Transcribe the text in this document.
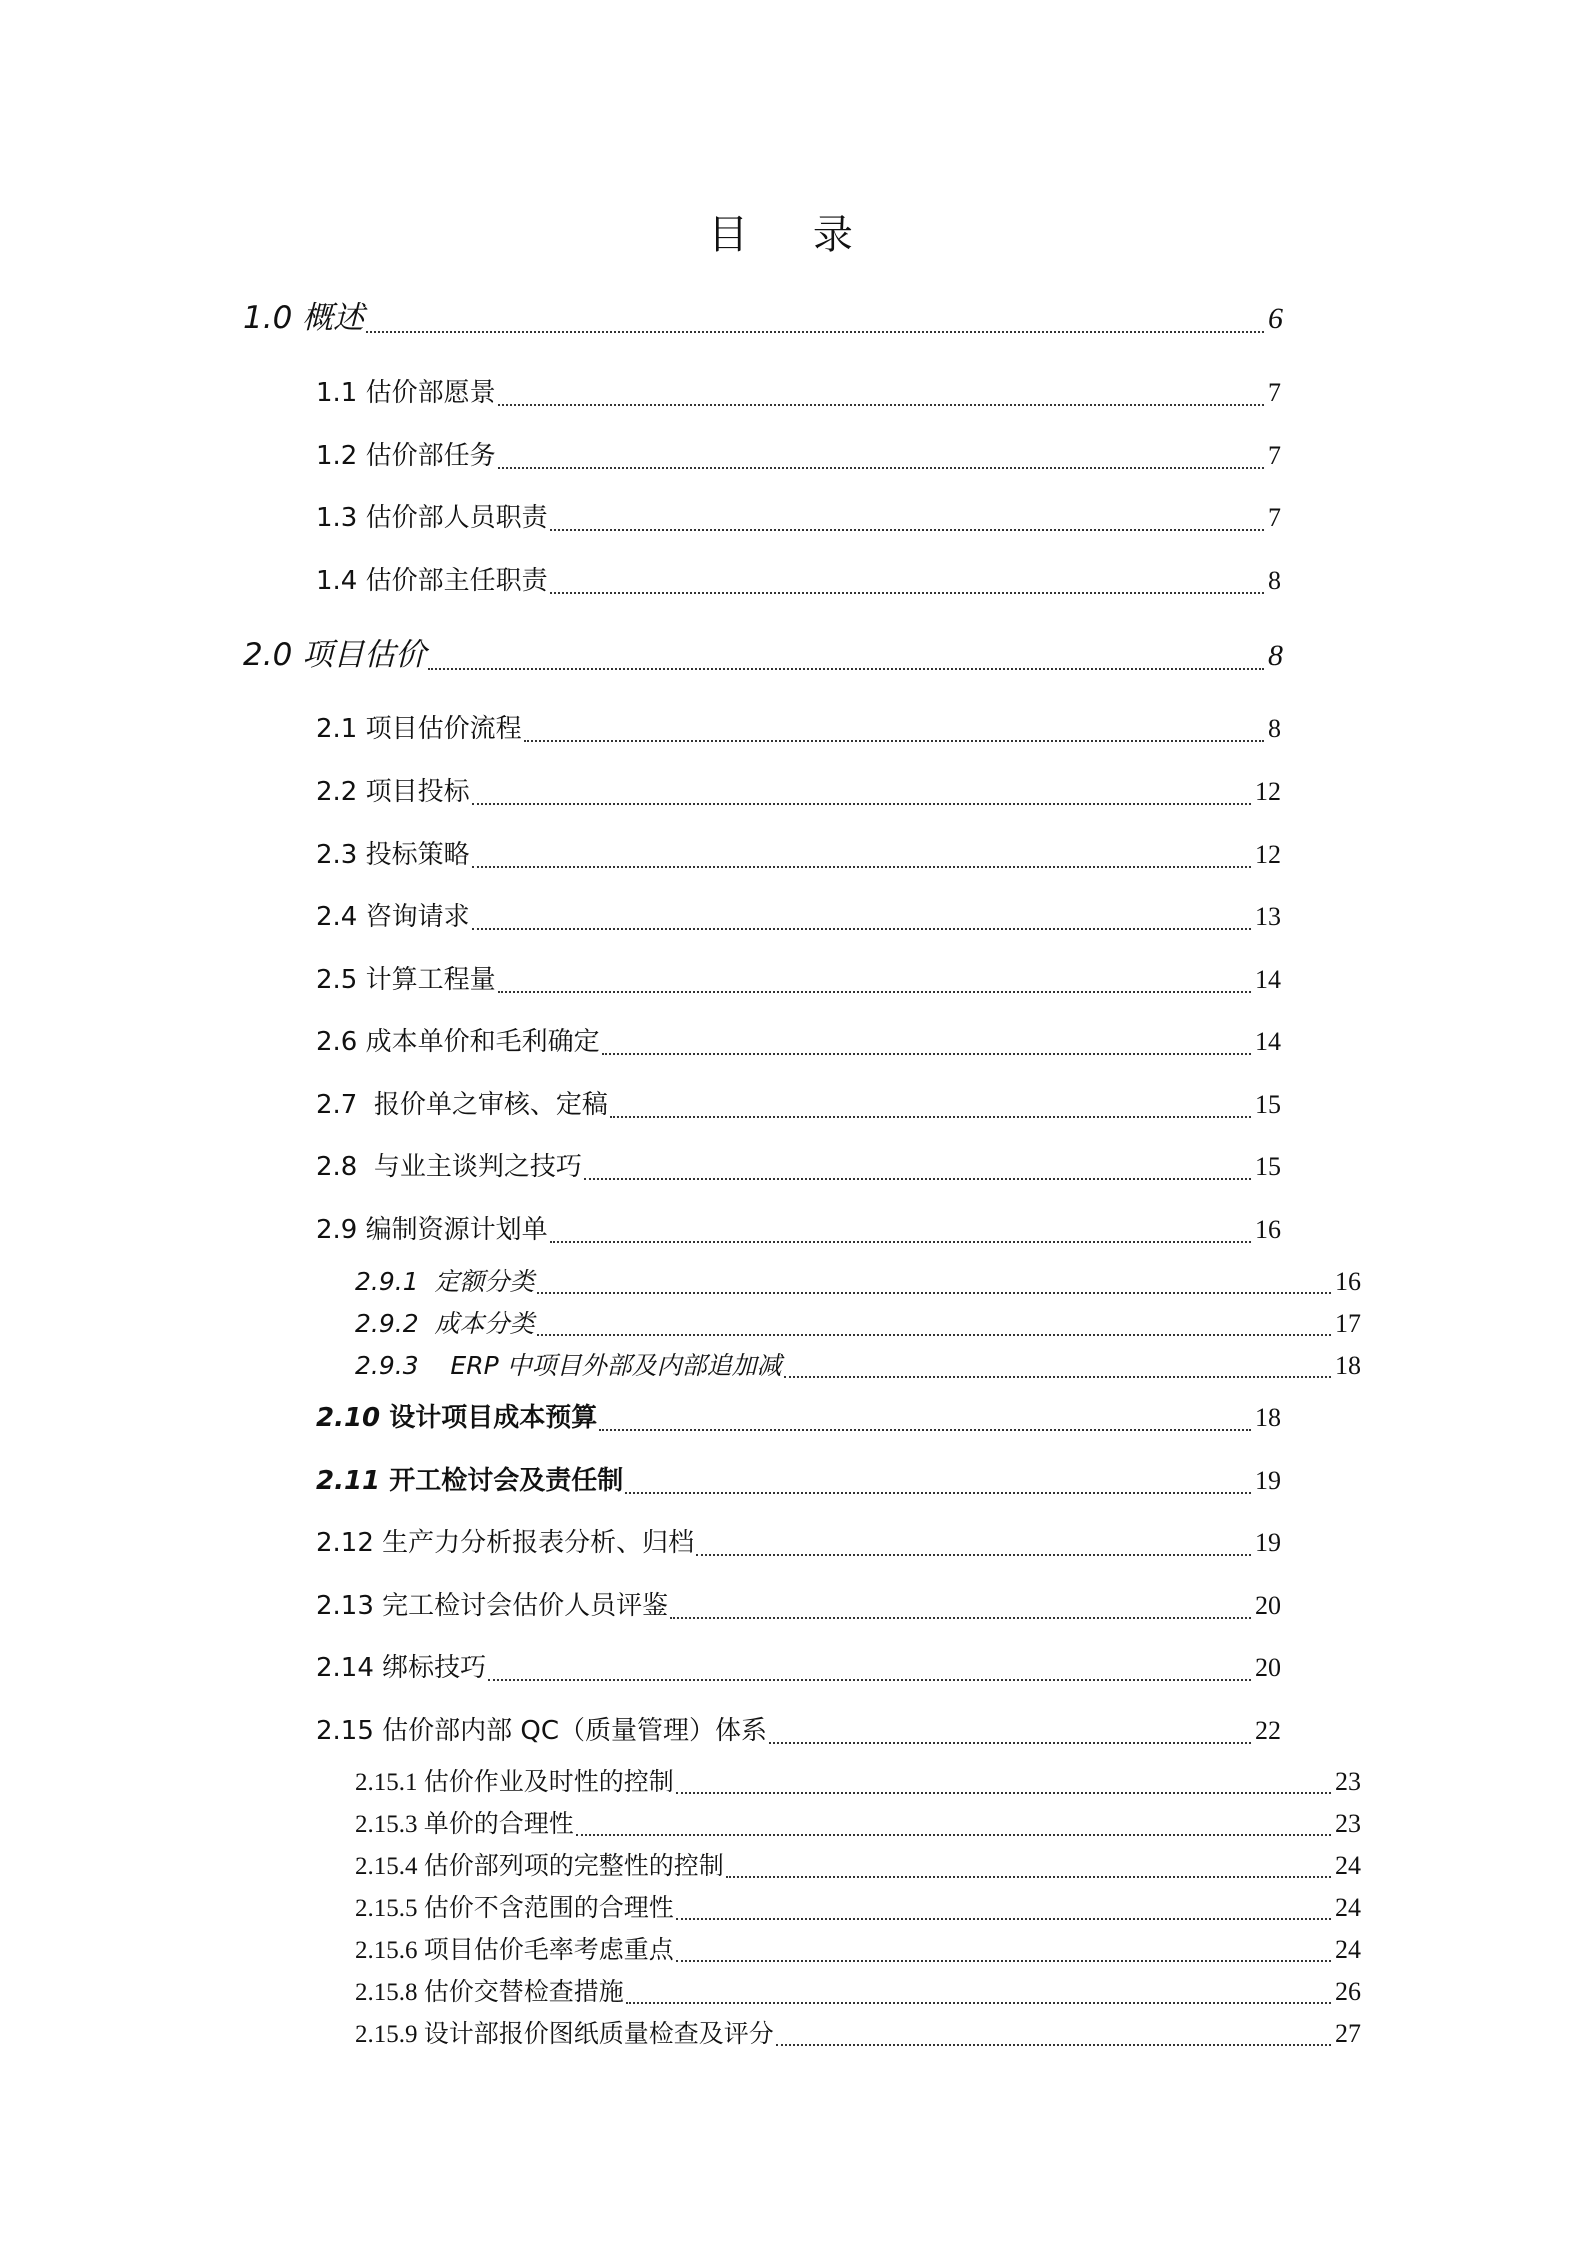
目 录
1.0 概述	6
1.1 估价部愿景	7
1.2 估价部任务	7
1.3 估价部人员职责	7
1.4 估价部主任职责	8
2.0 项目估价	8
2.1 项目估价流程	8
2.2 项目投标	12
2.3 投标策略	12
2.4 咨询请求	13
2.5 计算工程量	14
2.6 成本单价和毛利确定	14
2.7  报价单之审核、定稿	15
2.8  与业主谈判之技巧	15
2.9 编制资源计划单	16
2.9.1  定额分类	16
2.9.2  成本分类	17
2.9.3    ERP 中项目外部及内部追加减	18
2.10 设计项目成本预算	18
2.11 开工检讨会及责任制	19
2.12 生产力分析报表分析、归档	19
2.13 完工检讨会估价人员评鉴	20
2.14 绑标技巧	20
2.15 估价部内部 QC（质量管理）体系	22
2.15.1 估价作业及时性的控制	23
2.15.3 单价的合理性	23
2.15.4 估价部列项的完整性的控制	24
2.15.5 估价不含范围的合理性	24
2.15.6 项目估价毛率考虑重点	24
2.15.8 估价交替检查措施	26
2.15.9 设计部报价图纸质量检查及评分	27
